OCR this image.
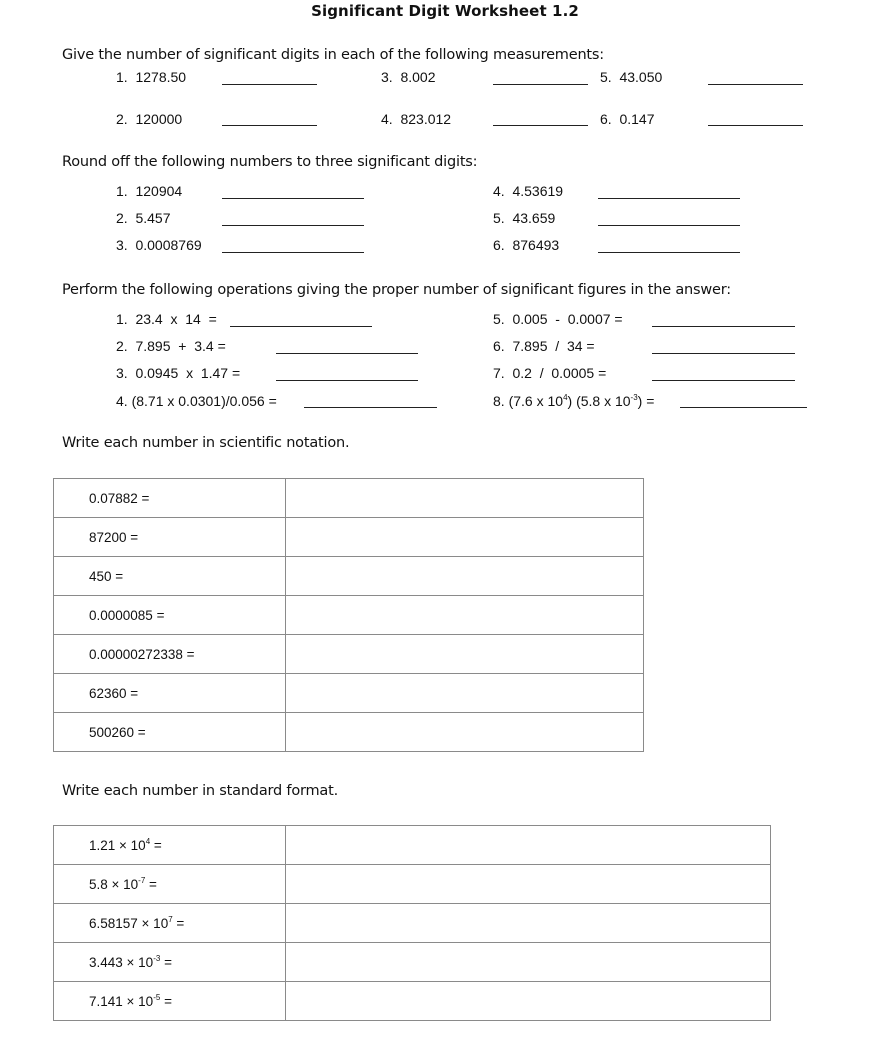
Significant Digit Worksheet 1.2
Give the number of significant digits in each of the following measurements:
1. 1278.50
2. 120000
3. 8.002
4. 823.012
5. 43.050
6. 0.147
Round off the following numbers to three significant digits:
1. 120904
2. 5.457
3. 0.0008769
4. 4.53619
5. 43.659
6. 876493
Perform the following operations giving the proper number of significant figures in the answer:
1. 23.4  x  14  =
2. 7.895  +  3.4 =
3. 0.0945  x  1.47 =
4. (8.71 x 0.0301)/0.056 =
5. 0.005  -  0.0007 =
6. 7.895  /  34 =
7. 0.2  /  0.0005 =
8. (7.6 x $10^4$) (5.8 x $10^{-3}$) =
Write each number in scientific notation.
0.07882 =	
87200 =	
450 =	
0.0000085 =	
0.00000272338 =	
62360 =	
500260 =	
Write each number in standard format.
$1.21 \times 10^4$ =	
$5.8 \times 10^{-7}$ =	
$6.58157 \times 10^7$ =	
$3.443 \times 10^{-3}$ =	
$7.141 \times 10^{-5}$ =	
